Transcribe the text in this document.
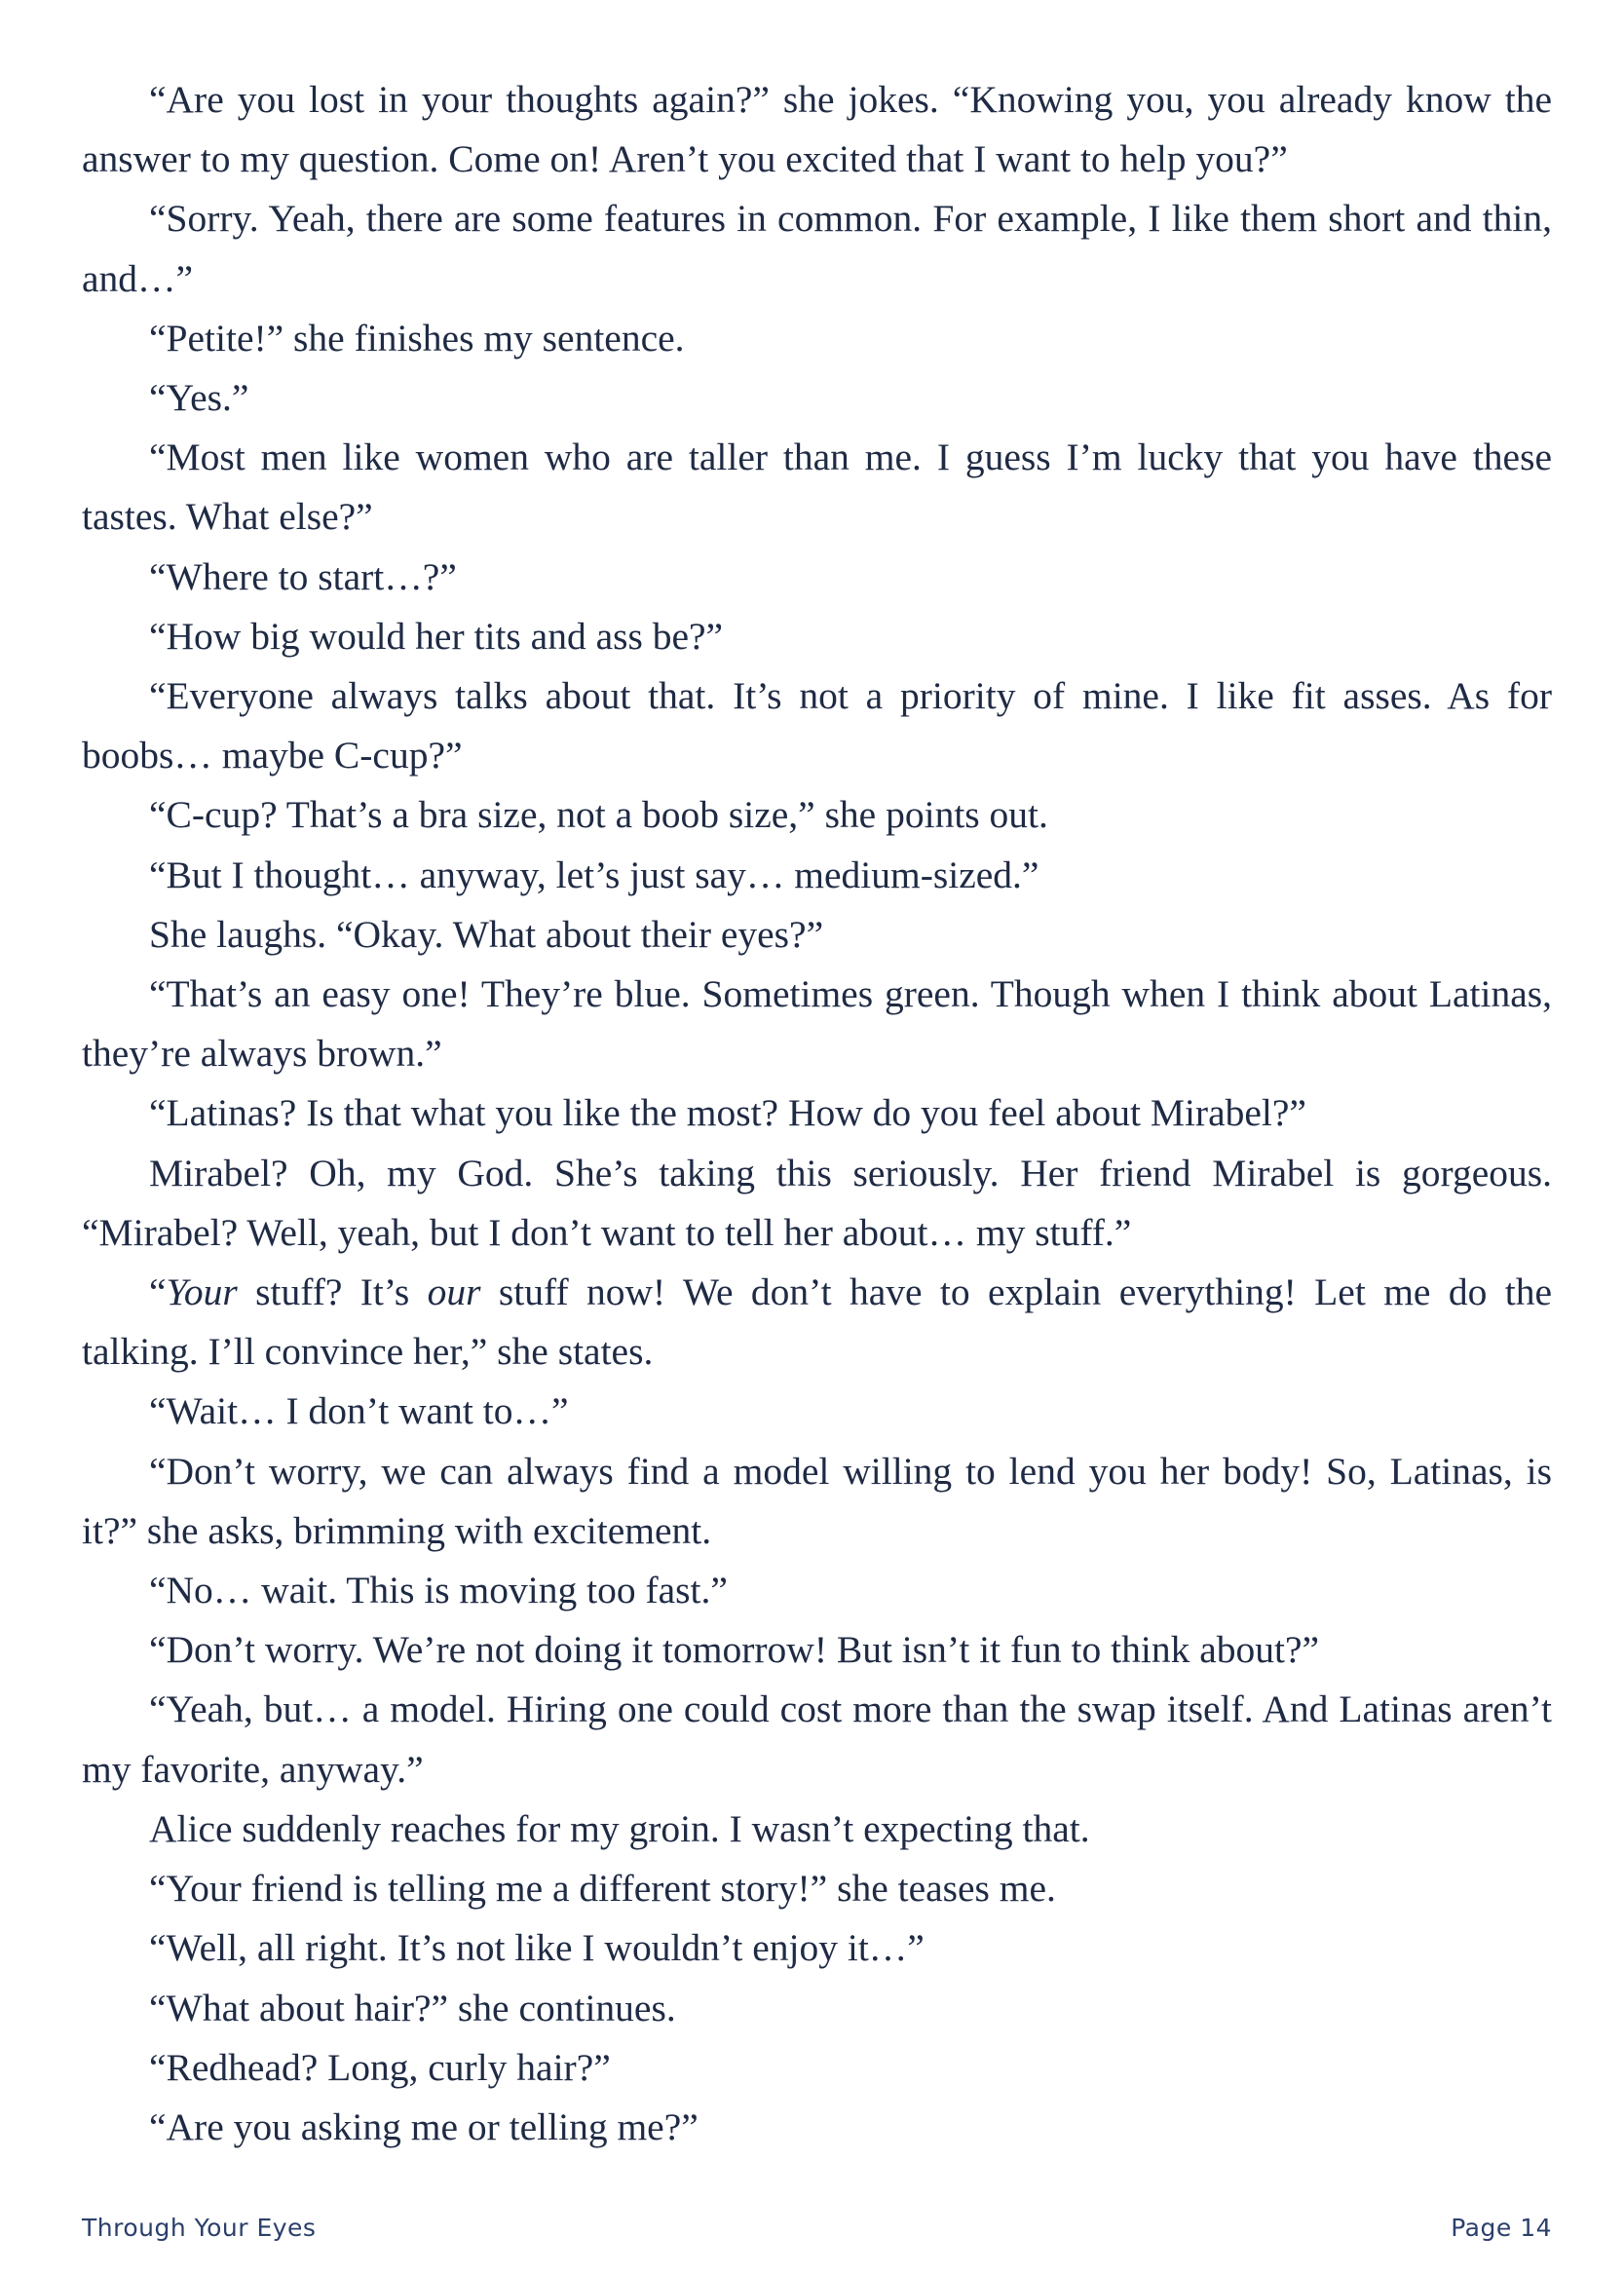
“Are you lost in your thoughts again?” she jokes. “Knowing you, you already know the answer to my question. Come on! Aren’t you excited that I want to help you?”

“Sorry. Yeah, there are some features in common. For example, I like them short and thin, and…”

“Petite!” she finishes my sentence.

“Yes.”

“Most men like women who are taller than me. I guess I’m lucky that you have these tastes. What else?”

“Where to start…?”

“How big would her tits and ass be?”

“Everyone always talks about that. It’s not a priority of mine. I like fit asses. As for boobs… maybe C-cup?”

“C-cup? That’s a bra size, not a boob size,” she points out.

“But I thought… anyway, let’s just say… medium-sized.”

She laughs. “Okay. What about their eyes?”

“That’s an easy one! They’re blue. Sometimes green. Though when I think about Latinas, they’re always brown.”

“Latinas? Is that what you like the most? How do you feel about Mirabel?”

Mirabel? Oh, my God. She’s taking this seriously. Her friend Mirabel is gorgeous. “Mirabel? Well, yeah, but I don’t want to tell her about… my stuff.”

“Your stuff? It’s our stuff now! We don’t have to explain everything! Let me do the talking. I’ll convince her,” she states.

“Wait… I don’t want to…”

“Don’t worry, we can always find a model willing to lend you her body! So, Latinas, is it?” she asks, brimming with excitement.

“No… wait. This is moving too fast.”

“Don’t worry. We’re not doing it tomorrow! But isn’t it fun to think about?”

“Yeah, but… a model. Hiring one could cost more than the swap itself. And Latinas aren’t my favorite, anyway.”

Alice suddenly reaches for my groin. I wasn’t expecting that.

“Your friend is telling me a different story!” she teases me.

“Well, all right. It’s not like I wouldn’t enjoy it…”

“What about hair?” she continues.

“Redhead? Long, curly hair?”

“Are you asking me or telling me?”

Through Your Eyes	Page 14
